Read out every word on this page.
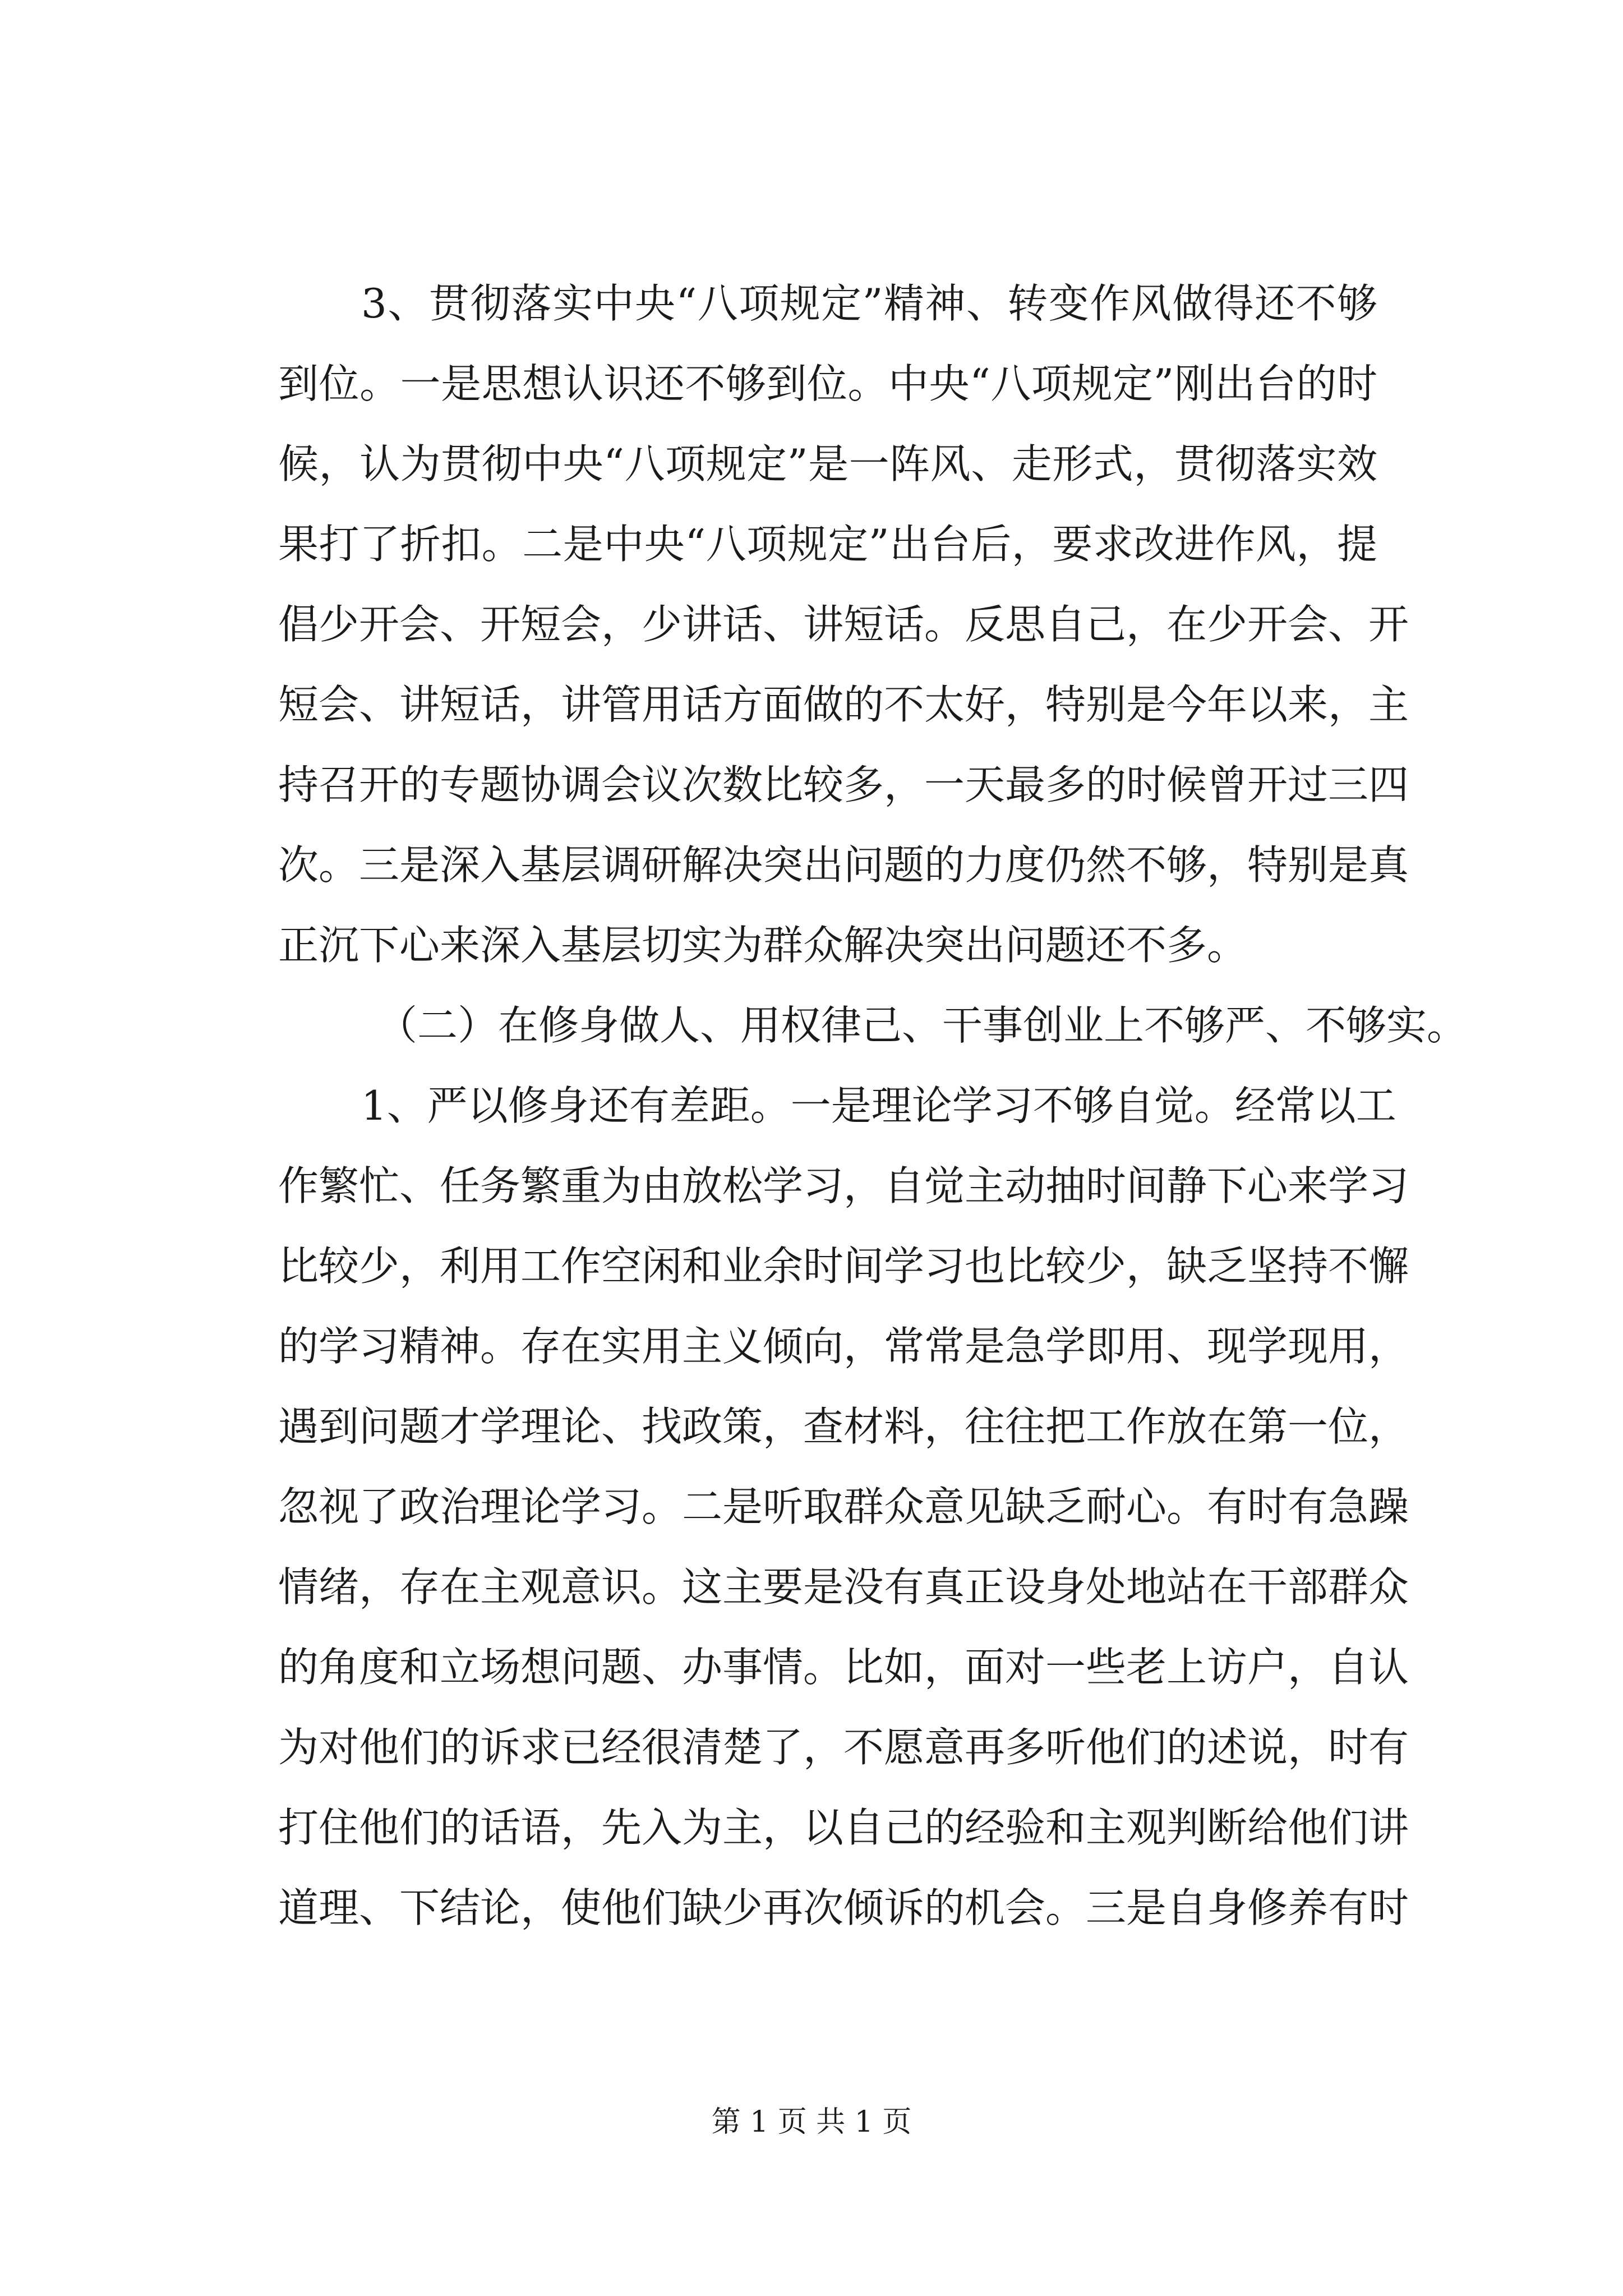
3、贯彻落实中央“八项规定”精神、转变作风做得还不够
到位。一是思想认识还不够到位。中央“八项规定”刚出台的时
候，认为贯彻中央“八项规定”是一阵风、走形式，贯彻落实效
果打了折扣。二是中央“八项规定”出台后，要求改进作风，提
倡少开会、开短会，少讲话、讲短话。反思自己，在少开会、开
短会、讲短话，讲管用话方面做的不太好，特别是今年以来，主
持召开的专题协调会议次数比较多，一天最多的时候曾开过三四
次。三是深入基层调研解决突出问题的力度仍然不够，特别是真
正沉下心来深入基层切实为群众解决突出问题还不多。
（二）在修身做人、用权律己、干事创业上不够严、不够实。
1、严以修身还有差距。一是理论学习不够自觉。经常以工
作繁忙、任务繁重为由放松学习，自觉主动抽时间静下心来学习
比较少，利用工作空闲和业余时间学习也比较少，缺乏坚持不懈
的学习精神。存在实用主义倾向，常常是急学即用、现学现用，
遇到问题才学理论、找政策，查材料，往往把工作放在第一位，
忽视了政治理论学习。二是听取群众意见缺乏耐心。有时有急躁
情绪，存在主观意识。这主要是没有真正设身处地站在干部群众
的角度和立场想问题、办事情。比如，面对一些老上访户，自认
为对他们的诉求已经很清楚了，不愿意再多听他们的述说，时有
打住他们的话语，先入为主，以自己的经验和主观判断给他们讲
道理、下结论，使他们缺少再次倾诉的机会。三是自身修养有时
第 1 页 共 1 页
